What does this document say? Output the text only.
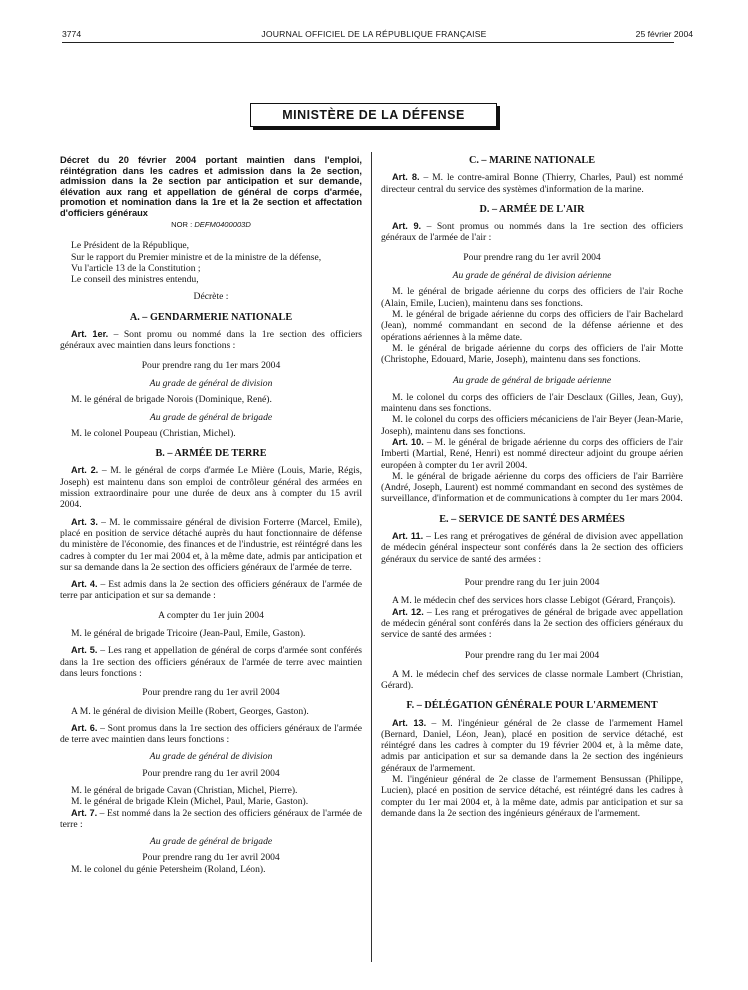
3774	JOURNAL OFFICIEL DE LA RÉPUBLIQUE FRANÇAISE	25 février 2004
MINISTÈRE DE LA DÉFENSE

Décret du 20 février 2004 portant maintien dans l'emploi, réintégration dans les cadres et admission dans la 2e section, admission dans la 2e section par anticipation et sur demande, élévation aux rang et appellation de général de corps d'armée, promotion et nomination dans la 1re et la 2e section et affectation d'officiers généraux

NOR : DEFM0400003D

Le Président de la République,

Sur le rapport du Premier ministre et de la ministre de la défense,

Vu l'article 13 de la Constitution ;

Le conseil des ministres entendu,

Décrète :

A. – GENDARMERIE NATIONALE

Art. 1er. – Sont promu ou nommé dans la 1re section des officiers généraux avec maintien dans leurs fonctions :

Pour prendre rang du 1er mars 2004

Au grade de général de division

M. le général de brigade Norois (Dominique, René).

Au grade de général de brigade

M. le colonel Poupeau (Christian, Michel).

B. – ARMÉE DE TERRE

Art. 2. – M. le général de corps d'armée Le Mière (Louis, Marie, Régis, Joseph) est maintenu dans son emploi de contrôleur général des armées en mission extraordinaire pour une durée de deux ans à compter du 15 avril 2004.

Art. 3. – M. le commissaire général de division Forterre (Marcel, Emile), placé en position de service détaché auprès du haut fonctionnaire de défense du ministère de l'économie, des finances et de l'industrie, est réintégré dans les cadres à compter du 1er mai 2004 et, à la même date, admis par anticipation et sur sa demande dans la 2e section des officiers généraux de l'armée de terre.

Art. 4. – Est admis dans la 2e section des officiers généraux de l'armée de terre par anticipation et sur sa demande :

A compter du 1er juin 2004

M. le général de brigade Tricoire (Jean-Paul, Emile, Gaston).

Art. 5. – Les rang et appellation de général de corps d'armée sont conférés dans la 1re section des officiers généraux de l'armée de terre avec maintien dans leurs fonctions :

Pour prendre rang du 1er avril 2004

A M. le général de division Meille (Robert, Georges, Gaston).

Art. 6. – Sont promus dans la 1re section des officiers généraux de l'armée de terre avec maintien dans leurs fonctions :

Au grade de général de division

Pour prendre rang du 1er avril 2004

M. le général de brigade Cavan (Christian, Michel, Pierre).

M. le général de brigade Klein (Michel, Paul, Marie, Gaston).

Art. 7. – Est nommé dans la 2e section des officiers généraux de l'armée de terre :

Au grade de général de brigade

Pour prendre rang du 1er avril 2004

M. le colonel du génie Petersheim (Roland, Léon).

C. – MARINE NATIONALE

Art. 8. – M. le contre-amiral Bonne (Thierry, Charles, Paul) est nommé directeur central du service des systèmes d'information de la marine.

D. – ARMÉE DE L'AIR

Art. 9. – Sont promus ou nommés dans la 1re section des officiers généraux de l'armée de l'air :

Pour prendre rang du 1er avril 2004

Au grade de général de division aérienne

M. le général de brigade aérienne du corps des officiers de l'air Roche (Alain, Emile, Lucien), maintenu dans ses fonctions.

M. le général de brigade aérienne du corps des officiers de l'air Bachelard (Jean), nommé commandant en second de la défense aérienne et des opérations aériennes à la même date.

M. le général de brigade aérienne du corps des officiers de l'air Motte (Christophe, Edouard, Marie, Joseph), maintenu dans ses fonctions.

Au grade de général de brigade aérienne

M. le colonel du corps des officiers de l'air Desclaux (Gilles, Jean, Guy), maintenu dans ses fonctions.

M. le colonel du corps des officiers mécaniciens de l'air Beyer (Jean-Marie, Joseph), maintenu dans ses fonctions.

Art. 10. – M. le général de brigade aérienne du corps des officiers de l'air Imberti (Martial, René, Henri) est nommé directeur adjoint du groupe aérien européen à compter du 1er avril 2004.

M. le général de brigade aérienne du corps des officiers de l'air Barrière (André, Joseph, Laurent) est nommé commandant en second des systèmes de surveillance, d'information et de communications à compter du 1er mars 2004.

E. – SERVICE DE SANTÉ DES ARMÉES

Art. 11. – Les rang et prérogatives de général de division avec appellation de médecin général inspecteur sont conférés dans la 2e section des officiers généraux du service de santé des armées :

Pour prendre rang du 1er juin 2004

A M. le médecin chef des services hors classe Lebigot (Gérard, François).

Art. 12. – Les rang et prérogatives de général de brigade avec appellation de médecin général sont conférés dans la 2e section des officiers généraux du service de santé des armées :

Pour prendre rang du 1er mai 2004

A M. le médecin chef des services de classe normale Lambert (Christian, Gérard).

F. – DÉLÉGATION GÉNÉRALE POUR L'ARMEMENT

Art. 13. – M. l'ingénieur général de 2e classe de l'armement Hamel (Bernard, Daniel, Léon, Jean), placé en position de service détaché, est réintégré dans les cadres à compter du 19 février 2004 et, à la même date, admis par anticipation et sur sa demande dans la 2e section des ingénieurs généraux de l'armement.

M. l'ingénieur général de 2e classe de l'armement Bensussan (Philippe, Lucien), placé en position de service détaché, est réintégré dans les cadres à compter du 1er mai 2004 et, à la même date, admis par anticipation et sur sa demande dans la 2e section des ingénieurs généraux de l'armement.
